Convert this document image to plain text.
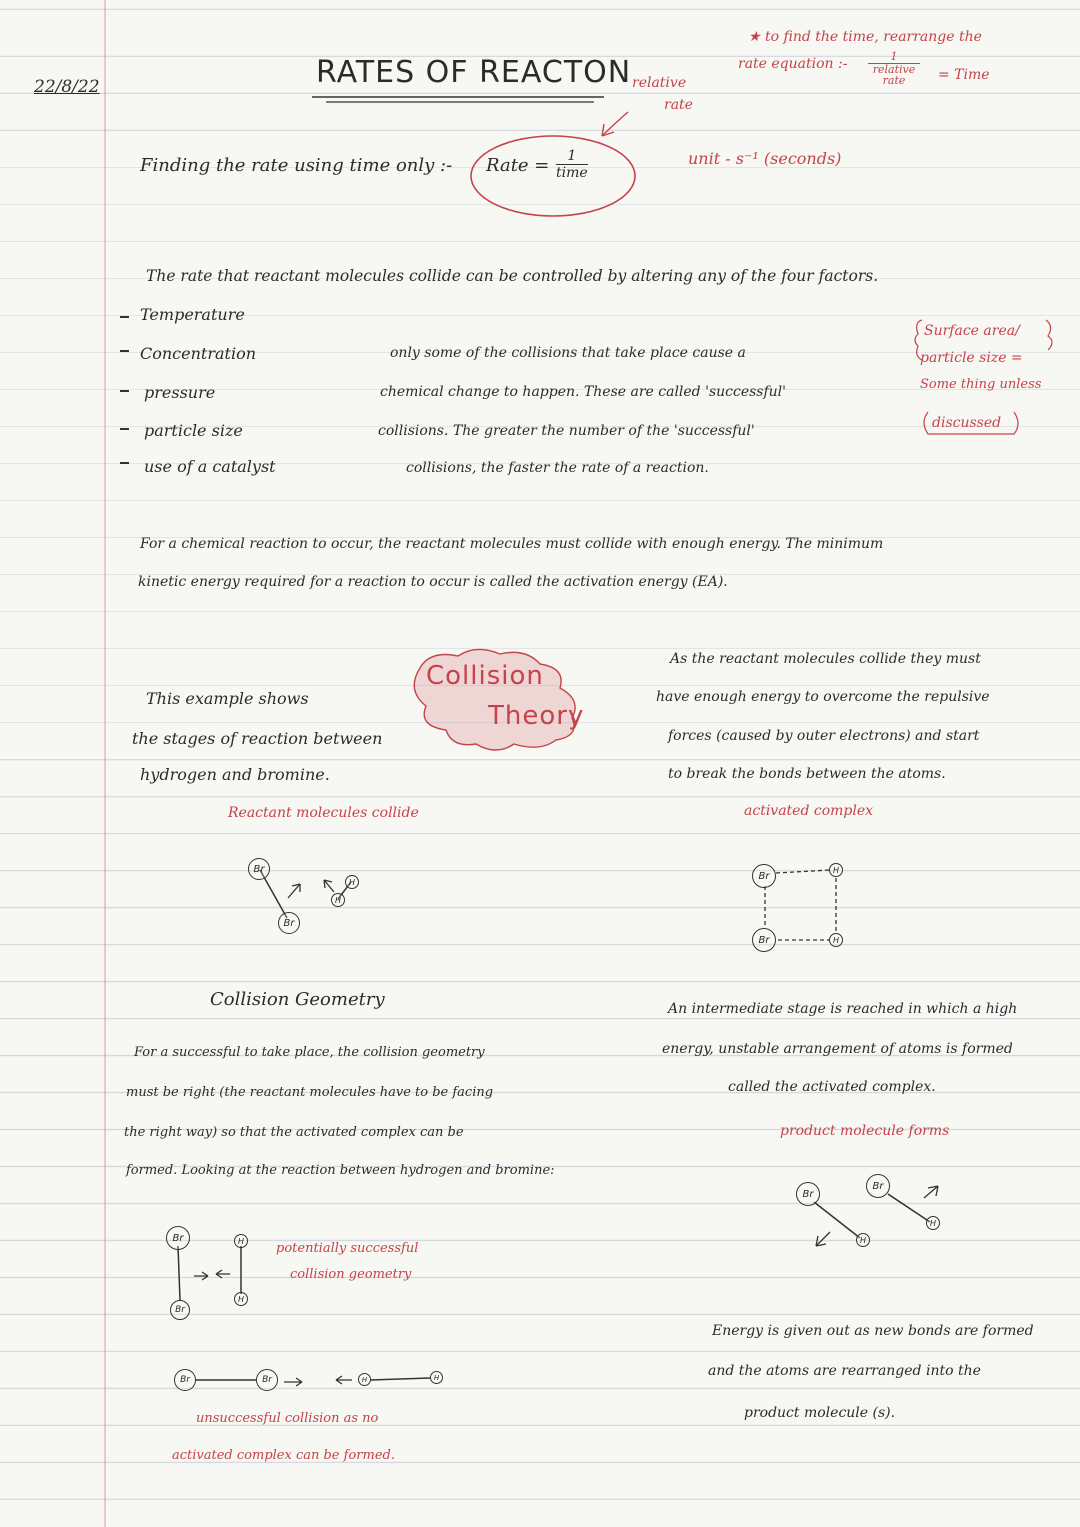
22/8/22	RATES OF REACTON
★ to find the time, rearrange the
rate equation :-	1
relative rate	= Time
relative
rate
Finding the rate using time only :- Rate =	1
time
unit - s⁻¹ (seconds)
The rate that reactant molecules collide can be controlled by altering any of the four factors.
Temperature
Concentration
pressure
particle size
use of a catalyst
only some of the collisions that take place cause a
chemical change to happen. These are called 'successful'
collisions. The greater the number of the 'successful'
collisions, the faster the rate of a reaction.
Surface area/
particle size =
Some thing unless
discussed
For a chemical reaction to occur, the reactant molecules must collide with enough energy. The minimum
kinetic energy required for a reaction to occur is called the activation energy (EA).
Collision
Theory
This example shows
the stages of reaction between
hydrogen and bromine.
As the reactant molecules collide they must
have enough energy to overcome the repulsive
forces (caused by outer electrons) and start
to break the bonds between the atoms.
Reactant molecules collide	activated complex
Br
Br
H
H
Br
Br
H
H
Collision Geometry
For a successful to take place, the collision geometry
must be right (the reactant molecules have to be facing
the right way) so that the activated complex can be
formed. Looking at the reaction between hydrogen and bromine:
An intermediate stage is reached in which a high
energy, unstable arrangement of atoms is formed
called the activated complex.
product molecule forms
Br
Br
H
H
Br
Br
H
H
potentially successful
collision geometry
Br	Br	H	H
unsuccessful collision as no
activated complex can be formed.
Energy is given out as new bonds are formed
and the atoms are rearranged into the
product molecule (s).
